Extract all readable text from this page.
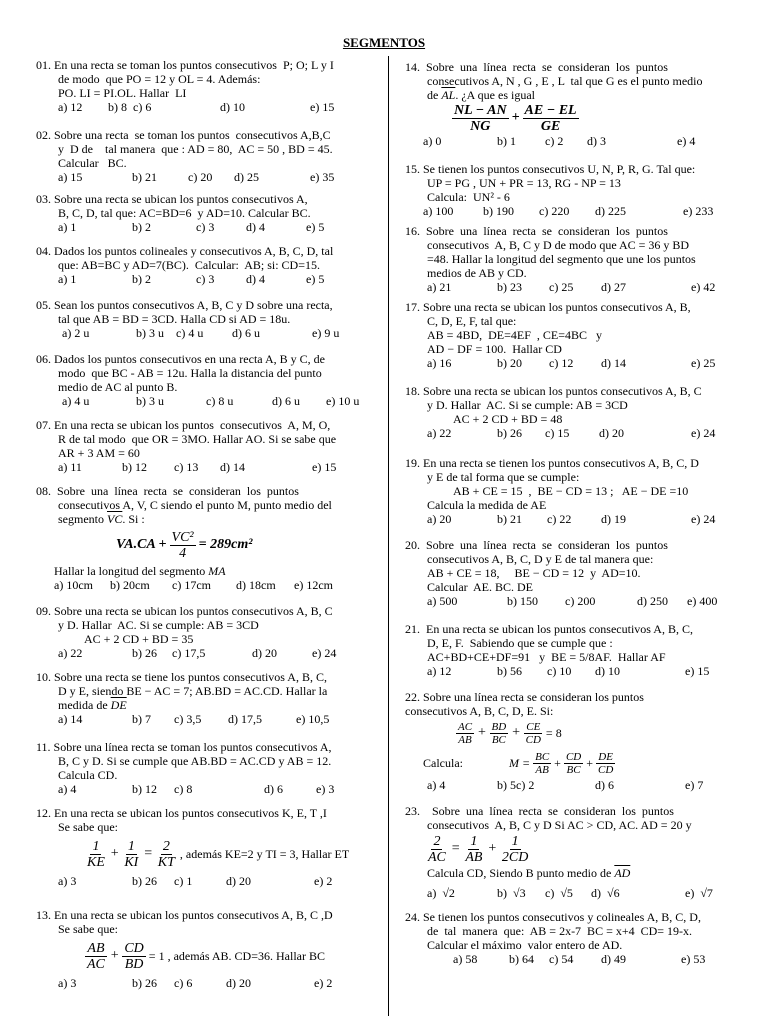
SEGMENTOS
01. En una recta se toman los puntos consecutivos  P; O; L y I
de modo  que PO = 12 y OL = 4. Además:
PO. LI = PI.OL. Hallar  LI
a) 12 b) 8  c) 6	d) 10	e) 15
02. Sobre una recta  se toman los puntos  consecutivos A,B,C
y  D de    tal manera  que : AD = 80,  AC = 50 , BD = 45.
Calcular   BC.
a) 15	b) 21	c) 20 d) 25	e) 35
03. Sobre una recta se ubican los puntos consecutivos A,
B, C, D, tal que: AC=BD=6  y AD=10. Calcular BC.
a) 1	b) 2	c) 3	d) 4	e) 5
04. Dados los puntos colineales y consecutivos A, B, C, D, tal
que: AB=BC y AD=7(BC).  Calcular:  AB; si: CD=15.
a) 1	b) 2	c) 3	d) 4	e) 5
05. Sean los puntos consecutivos A, B, C y D sobre una recta,
tal que AB = BD = 3CD. Halla CD si AD = 18u.
a) 2 u	b) 3 u c) 4 u d) 6 u	e) 9 u
06. Dados los puntos consecutivos en una recta A, B y C, de
modo  que BC - AB = 12u. Halla la distancia del punto
medio de AC al punto B.
a) 4 u	b) 3 u	c) 8 u	d) 6 u e) 10 u
07. En una recta se ubican los puntos  consecutivos  A, M, O,
R de tal modo  que OR = 3MO. Hallar AO. Si se sabe que
AR + 3 AM = 60
a) 11	b) 12 c) 13 d) 14	e) 15
08.  Sobre  una  línea  recta  se  consideran  los  puntos
consecutivos A, V, C siendo el punto M, punto medio del
segmento $\overline{VC}$. Si :
$VA.CA + \frac{\text{VC²}}{4} = 289cm^2$
Hallar la longitud del segmento MA
a) 10cm b) 20cm c) 17cm d) 18cm e) 12cm
09. Sobre una recta se ubican los puntos consecutivos A, B, C
y D. Hallar  AC. Si se cumple: AB = 3CD
AC + 2 CD + BD = 35
a) 22	b) 26 c) 17,5	d) 20	e) 24
10. Sobre una recta se tiene los puntos consecutivos A, B, C,
D y E, siendo BE − AC = 7; AB.BD = AC.CD. Hallar la
medida de $\overline{DE}$
a) 14	b) 7 c) 3,5 d) 17,5	e) 10,5
11. Sobre una línea recta se toman los puntos consecutivos A,
B, C y D. Si se cumple que AB.BD = AC.CD y AB = 12.
Calcula CD.
a) 4	b) 12 c) 8	d) 6	e) 3
12. En una recta se ubican los puntos consecutivos K, E, T ,I
Se sabe que:
$\frac{1}{KE} + \frac{1}{KI} = \frac{2}{KT}$ , además KE=2 y TI = 3, Hallar ET
a) 3	b) 26 c) 1	d) 20	e) 2
13. En una recta se ubican los puntos consecutivos A, B, C ,D
Se sabe que:
$\frac{AB}{AC} + \frac{CD}{BD} = 1$ , además AB. CD=36. Hallar BC
a) 3	b) 26 c) 6	d) 20	e) 2
14.  Sobre  una  línea  recta  se  consideran  los  puntos
consecutivos A, N , G , E , L  tal que G es el punto medio
de $\overline{AL}$. ¿A que es igual
$\frac{NL - AN}{NG} + \frac{AE - EL}{GE}$
a) 0	b) 1 c) 2 d) 3	e) 4
15. Se tienen los puntos consecutivos U, N, P, R, G. Tal que:
UP = PG , UN + PR = 13, RG - NP = 13
Calcula:  UN² - 6
a) 100 b) 190 c) 220 d) 225	e) 233
16.  Sobre  una  línea  recta  se  consideran  los  puntos
consecutivos  A, B, C y D de modo que AC = 36 y BD
=48. Hallar la longitud del segmento que une los puntos
medios de AB y CD.
a) 21	b) 23 c) 25 d) 27	e) 42
17. Sobre una recta se ubican los puntos consecutivos A, B,
C, D, E, F, tal que:
AB = 4BD,  DE=4EF  , CE=4BC   y
AD − DF = 100.  Hallar CD
a) 16	b) 20 c) 12 d) 14	e) 25
18. Sobre una recta se ubican los puntos consecutivos A, B, C
y D. Hallar  AC. Si se cumple: AB = 3CD
AC + 2 CD + BD = 48
a) 22	b) 26 c) 15 d) 20	e) 24
19. En una recta se tienen los puntos consecutivos A, B, C, D
y E de tal forma que se cumple:
AB + CE = 15  ,  BE − CD = 13 ;   AE − DE =10
Calcula la medida de AE
a) 20	b) 21 c) 22 d) 19	e) 24
20.  Sobre  una  línea  recta  se  consideran  los  puntos
consecutivos A, B, C, D y E de tal manera que:
AB + CE = 18,     BE − CD = 12  y  AD=10.
Calcular  AE. BC. DE
a) 500	b) 150 c) 200	d) 250 e) 400
21.  En una recta se ubican los puntos consecutivos A, B, C,
D, E, F.  Sabiendo que se cumple que :
AC+BD+CE+DF=91   y  BE = 5/8AF.  Hallar AF
a) 12	b) 56 c) 10 d) 10	e) 15
22. Sobre una línea recta se consideran los puntos
consecutivos A, B, C, D, E. Si:
$\frac{AC}{AB} + \frac{BD}{BC} + \frac{CE}{CD} = 8$
Calcula:	$M = \frac{BC}{AB} + \frac{CD}{BC} + \frac{DE}{CD}$
a) 4	b) 5c) 2	d) 6	e) 7
23.    Sobre  una  línea  recta  se  consideran  los  puntos
consecutivos  A, B, C y D Si AC > CD, AC. AD = 20 y
$\frac{2}{AC} = \frac{1}{AB} + \frac{1}{2CD}$
Calcula CD, Siendo B punto medio de $\overline{AD}$
a)  √2	b)  √3 c)  √5 d)  √6	e)  √7
24. Se tienen los puntos consecutivos y colineales A, B, C, D,
de  tal  manera  que:  AB = 2x-7  BC = x+4  CD= 19-x.
Calcular el máximo  valor entero de AD.
a) 58	b) 64 c) 54 d) 49	e) 53
